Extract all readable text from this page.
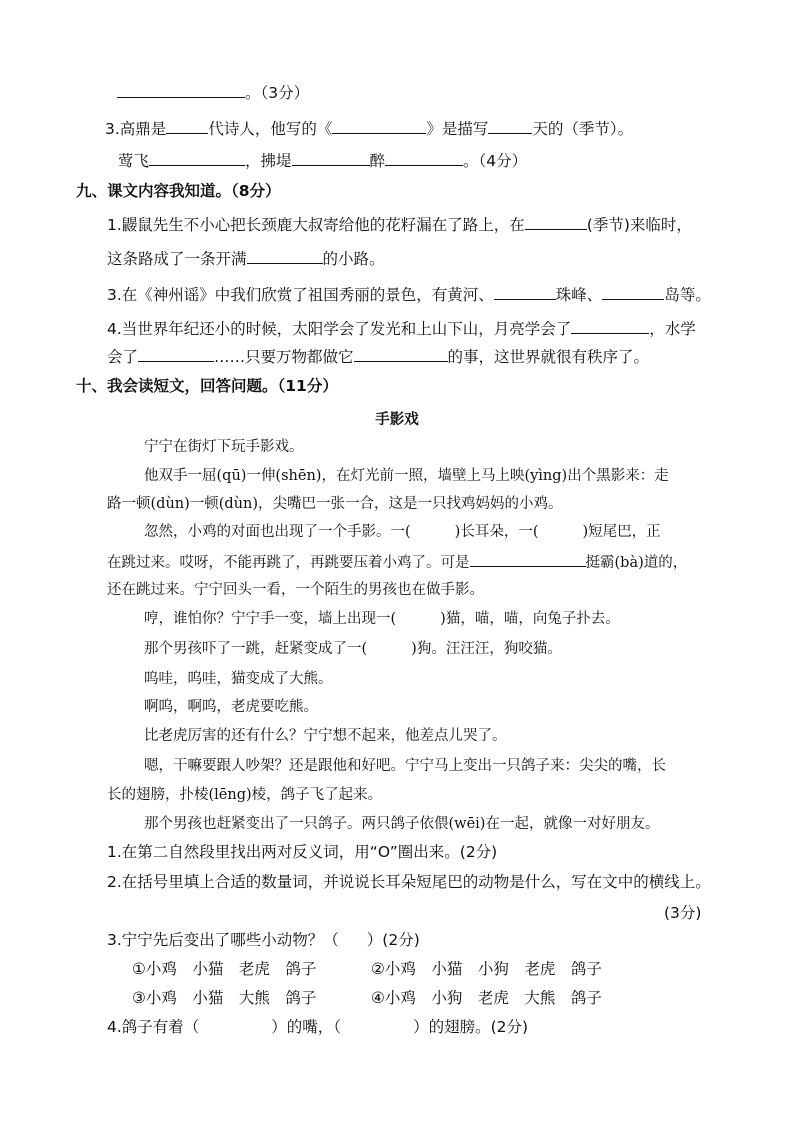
。（3分）
3.高鼎是	代诗人，他写的《	》是描写	天的（季节）。
莺飞	，拂堤	醉	。（4分）
九、课文内容我知道。（8分）
1.鼹鼠先生不小心把长颈鹿大叔寄给他的花籽漏在了路上，在	(季节)来临时，
这条路成了一条开满	的小路。
3.在《神州谣》中我们欣赏了祖国秀丽的景色，有黄河、	珠峰、	岛等。
4.当世界年纪还小的时候，太阳学会了发光和上山下山，月亮学会了	，水学
会了	……只要万物都做它	的事，这世界就很有秩序了。
十、我会读短文，回答问题。（11分）
手影戏
宁宁在街灯下玩手影戏。
他双手一屈(qū)一伸(shēn)，在灯光前一照，墙壁上马上映(yìng)出个黑影来：走
路一顿(dùn)一顿(dùn)，尖嘴巴一张一合，这是一只找鸡妈妈的小鸡。
忽然，小鸡的对面也出现了一个手影。一(	)长耳朵，一(	)短尾巴，正
在跳过来。哎呀，不能再跳了，再跳要压着小鸡了。可是	挺霸(bà)道的，
还在跳过来。宁宁回头一看，一个陌生的男孩也在做手影。
哼，谁怕你？宁宁手一变，墙上出现一(	)猫，喵，喵，向兔子扑去。
那个男孩吓了一跳，赶紧变成了一(	)狗。汪汪汪，狗咬猫。
呜哇，呜哇，猫变成了大熊。
啊呜，啊呜，老虎要吃熊。
比老虎厉害的还有什么？宁宁想不起来，他差点儿哭了。
嗯，干嘛要跟人吵架？还是跟他和好吧。宁宁马上变出一只鸽子来：尖尖的嘴，长
长的翅膀，扑棱(lēng)棱，鸽子飞了起来。
那个男孩也赶紧变出了一只鸽子。两只鸽子依偎(wēi)在一起，就像一对好朋友。
1.在第二自然段里找出两对反义词，用“O”圈出来。(2分)
2.在括号里填上合适的数量词，并说说长耳朵短尾巴的动物是什么，写在文中的横线上。
(3分)
3.宁宁先后变出了哪些小动物？（ ）(2分)
①小鸡　小猫　老虎　鸽子	②小鸡　小猫　小狗　老虎　鸽子
③小鸡　小猫　大熊　鸽子	④小鸡　小狗　老虎　大熊　鸽子
4.鸽子有着（	）的嘴，（	）的翅膀。(2分)
